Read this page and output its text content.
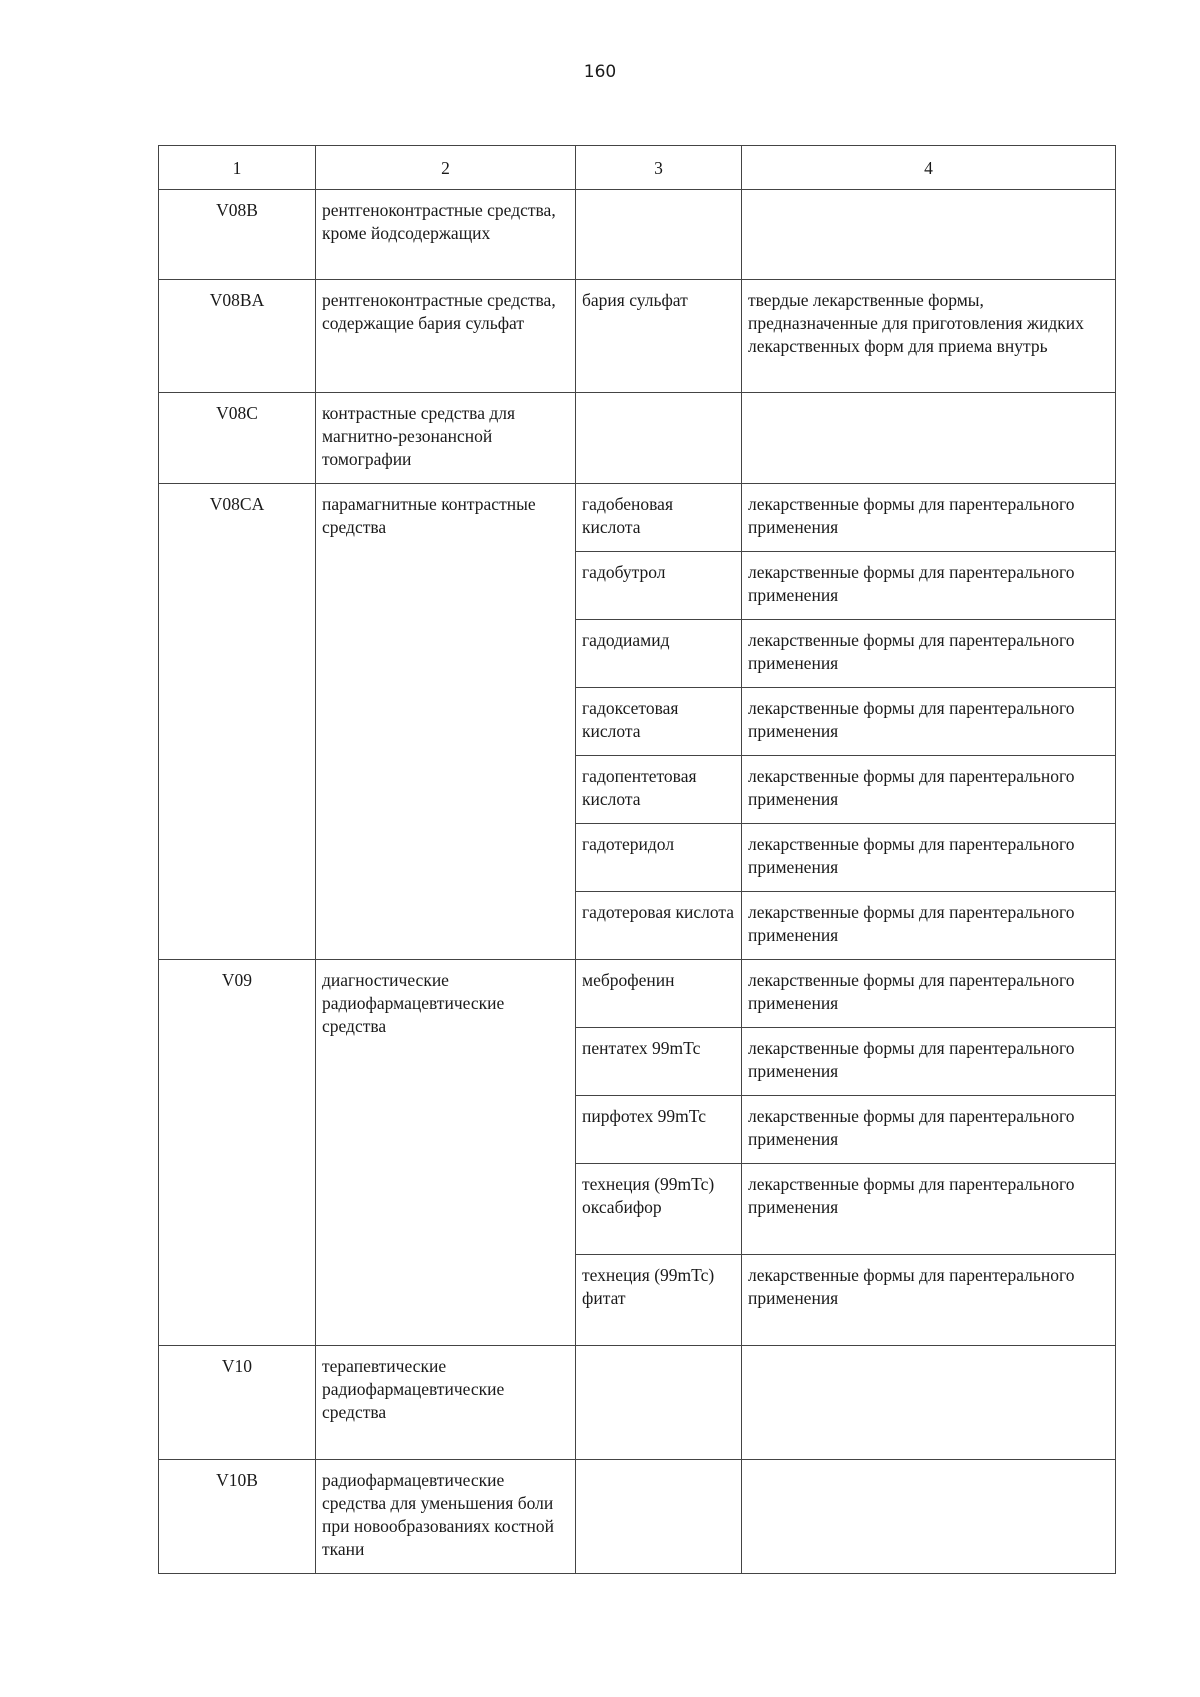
160
1	2	3	4
V08B	рентгеноконтрастные средства, кроме йодсодержащих		
V08BA	рентгеноконтрастные средства, содержащие бария сульфат	бария сульфат	твердые лекарственные формы, предназначенные для приготовления жидких лекарственных форм для приема внутрь
V08C	контрастные средства для магнитно-резонансной томографии		
V08CA	парамагнитные контрастные средства	гадобеновая кислота	лекарственные формы для парентерального применения
		гадобутрол	лекарственные формы для парентерального применения
		гадодиамид	лекарственные формы для парентерального применения
		гадоксетовая кислота	лекарственные формы для парентерального применения
		гадопентетовая кислота	лекарственные формы для парентерального применения
		гадотеридол	лекарственные формы для парентерального применения
		гадотеровая кислота	лекарственные формы для парентерального применения
V09	диагностические радиофармацевтические средства	меброфенин	лекарственные формы для парентерального применения
		пентатех 99mTc	лекарственные формы для парентерального применения
		пирфотех 99mTc	лекарственные формы для парентерального применения
		технеция (99mTc) оксабифор	лекарственные формы для парентерального применения
		технеция (99mTc) фитат	лекарственные формы для парентерального применения
V10	терапевтические радиофармацевтические средства		
V10B	радиофармацевтические средства для уменьшения боли при новообразованиях костной ткани		
